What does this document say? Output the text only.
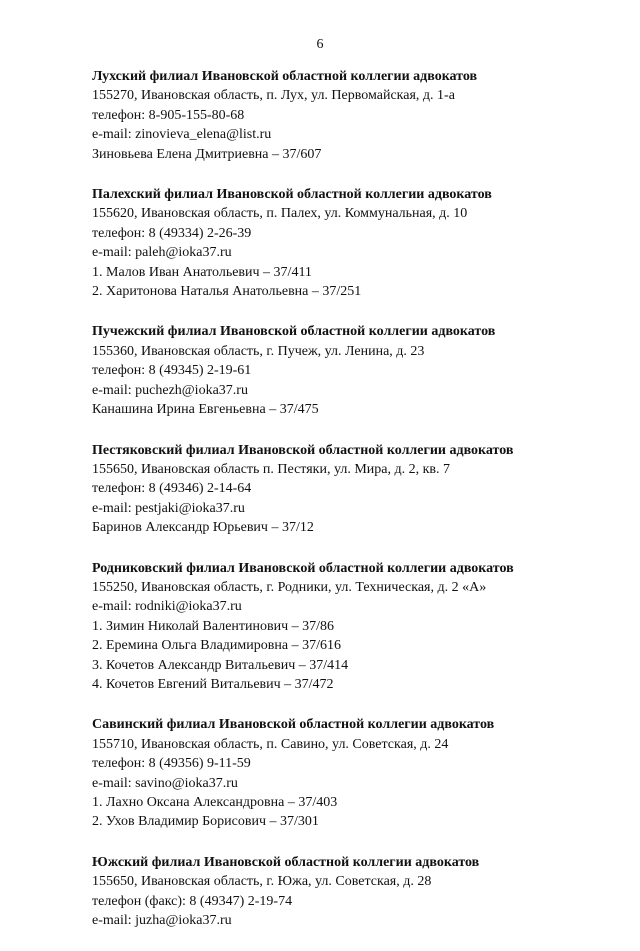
6
Лухский филиал Ивановской областной коллегии адвокатов
155270, Ивановская область, п. Лух, ул. Первомайская, д. 1-а
телефон: 8-905-155-80-68
e-mail: zinovieva_elena@list.ru
Зиновьева Елена Дмитриевна – 37/607
Палехский филиал Ивановской областной коллегии адвокатов
155620, Ивановская область, п. Палех, ул. Коммунальная, д. 10
телефон: 8 (49334) 2-26-39
e-mail: paleh@ioka37.ru
1. Малов Иван Анатольевич – 37/411
2. Харитонова Наталья Анатольевна – 37/251
Пучежский филиал Ивановской областной коллегии адвокатов
155360, Ивановская область, г. Пучеж, ул. Ленина, д. 23
телефон: 8 (49345) 2-19-61
e-mail: puchezh@ioka37.ru
Канашина Ирина Евгеньевна – 37/475
Пестяковский филиал Ивановской областной коллегии адвокатов
155650, Ивановская область п. Пестяки, ул. Мира, д. 2, кв. 7
телефон: 8 (49346) 2-14-64
e-mail: pestjaki@ioka37.ru
Баринов Александр Юрьевич – 37/12
Родниковский филиал Ивановской областной коллегии адвокатов
155250, Ивановская область, г. Родники, ул. Техническая, д. 2 «А»
e-mail: rodniki@ioka37.ru
1. Зимин Николай Валентинович – 37/86
2. Еремина Ольга Владимировна – 37/616
3. Кочетов Александр Витальевич – 37/414
4. Кочетов Евгений Витальевич – 37/472
Савинский филиал Ивановской областной коллегии адвокатов
155710, Ивановская область, п. Савино, ул. Советская, д. 24
телефон: 8 (49356) 9-11-59
e-mail: savino@ioka37.ru
1. Лахно Оксана Александровна – 37/403
2. Ухов Владимир Борисович – 37/301
Южский филиал Ивановской областной коллегии адвокатов
155650, Ивановская область, г. Южа, ул. Советская, д. 28
телефон (факс): 8 (49347) 2-19-74
e-mail: juzha@ioka37.ru
